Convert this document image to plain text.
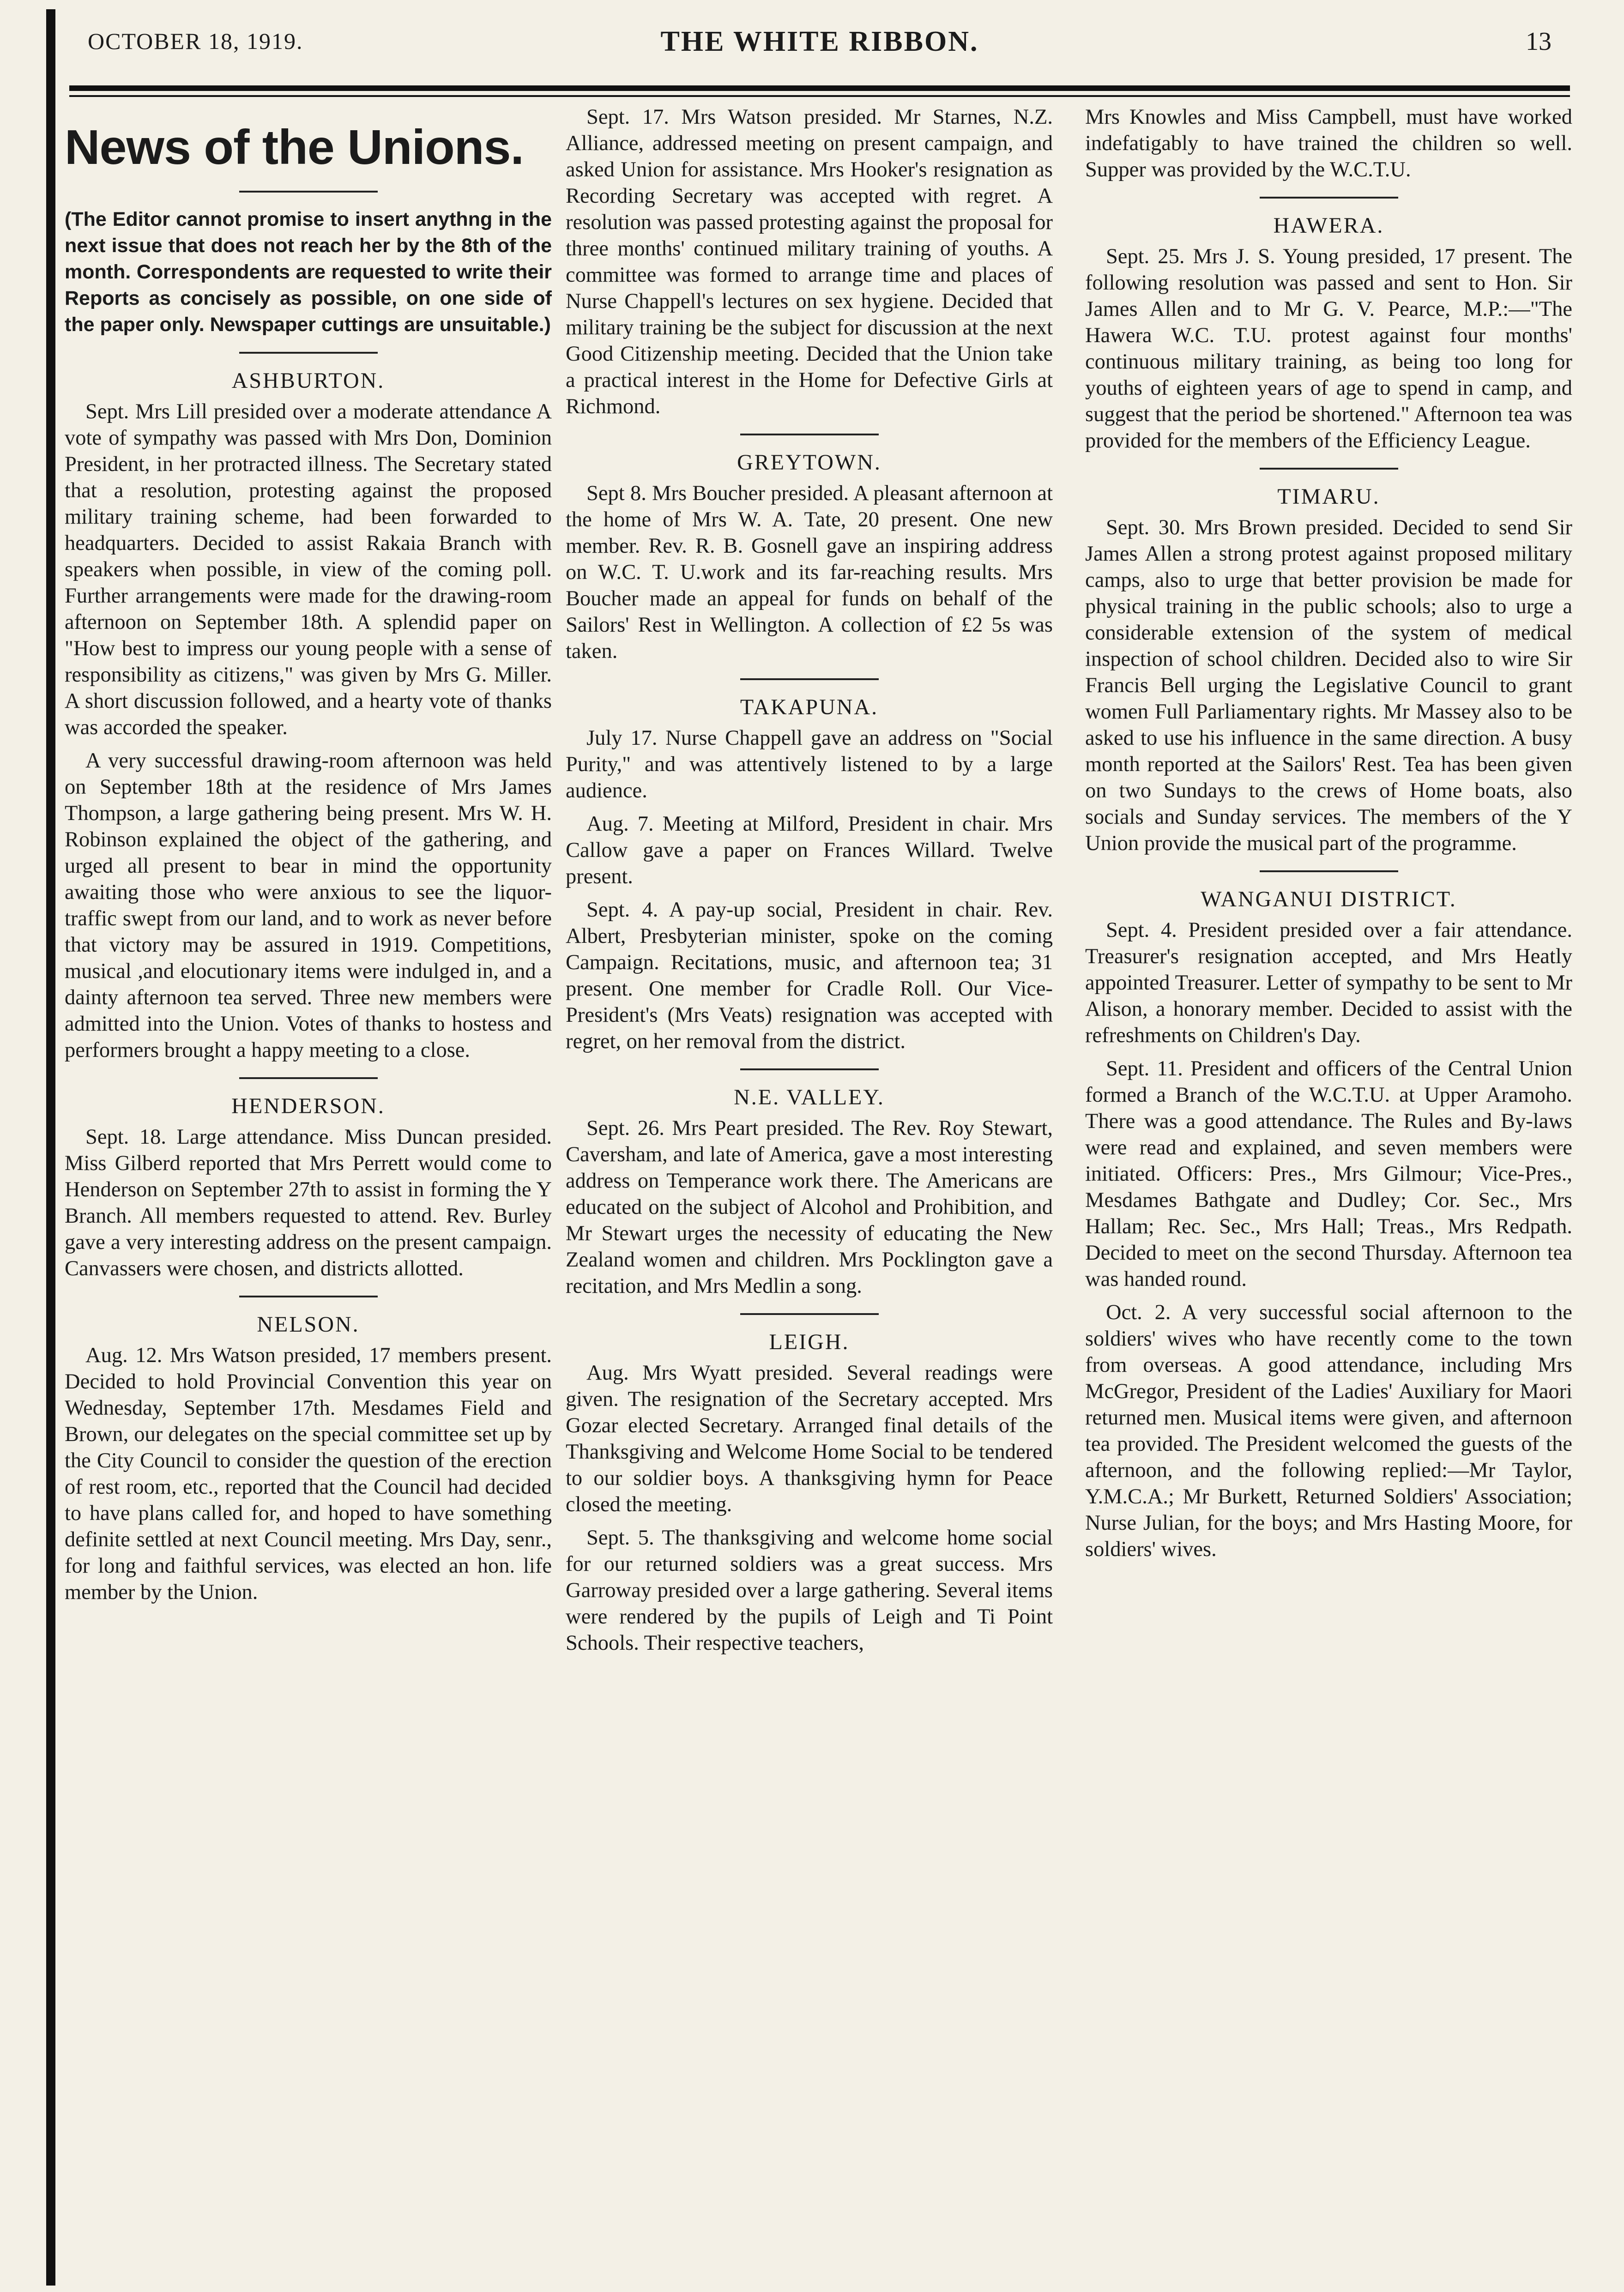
OCTOBER 18, 1919.	THE WHITE RIBBON.	13
News of the Unions.

(The Editor cannot promise to insert anythng in the next issue that does not reach her by the 8th of the month. Correspondents are requested to write their Reports as concisely as possible, on one side of the paper only. Newspaper cuttings are unsuitable.)

ASHBURTON.

Sept. Mrs Lill presided over a moderate attendance A vote of sympathy was passed with Mrs Don, Dominion President, in her protracted illness. The Secretary stated that a resolution, protesting against the proposed military training scheme, had been forwarded to headquarters. Decided to assist Rakaia Branch with speakers when possible, in view of the coming poll. Further arrangements were made for the drawing-room afternoon on September 18th. A splendid paper on "How best to impress our young people with a sense of responsibility as citizens," was given by Mrs G. Miller. A short discussion followed, and a hearty vote of thanks was accorded the speaker.

A very successful drawing-room afternoon was held on September 18th at the residence of Mrs James Thompson, a large gathering being present. Mrs W. H. Robinson explained the object of the gathering, and urged all present to bear in mind the opportunity awaiting those who were anxious to see the liquor-traffic swept from our land, and to work as never before that victory may be assured in 1919. Competitions, musical ,and elocutionary items were indulged in, and a dainty afternoon tea served. Three new members were admitted into the Union. Votes of thanks to hostess and performers brought a happy meeting to a close.

HENDERSON.

Sept. 18. Large attendance. Miss Duncan presided. Miss Gilberd reported that Mrs Perrett would come to Henderson on September 27th to assist in forming the Y Branch. All members requested to attend. Rev. Burley gave a very interesting address on the present campaign. Canvassers were chosen, and districts allotted.

NELSON.

Aug. 12. Mrs Watson presided, 17 members present. Decided to hold Provincial Convention this year on Wednesday, September 17th. Mesdames Field and Brown, our delegates on the special committee set up by the City Council to consider the question of the erection of rest room, etc., reported that the Council had decided to have plans called for, and hoped to have something definite settled at next Council meeting. Mrs Day, senr., for long and faithful services, was elected an hon. life member by the Union.

Sept. 17. Mrs Watson presided. Mr Starnes, N.Z. Alliance, addressed meeting on present campaign, and asked Union for assistance. Mrs Hooker's resignation as Recording Secretary was accepted with regret. A resolution was passed protesting against the proposal for three months' continued military training of youths. A committee was formed to arrange time and places of Nurse Chappell's lectures on sex hygiene. Decided that military training be the subject for discussion at the next Good Citizenship meeting. Decided that the Union take a practical interest in the Home for Defective Girls at Richmond.

GREYTOWN.

Sept 8. Mrs Boucher presided. A pleasant afternoon at the home of Mrs W. A. Tate, 20 present. One new member. Rev. R. B. Gosnell gave an inspiring address on W.C. T. U.work and its far-reaching results. Mrs Boucher made an appeal for funds on behalf of the Sailors' Rest in Wellington. A collection of £2 5s was taken.

TAKAPUNA.

July 17. Nurse Chappell gave an address on "Social Purity," and was attentively listened to by a large audience.

Aug. 7. Meeting at Milford, President in chair. Mrs Callow gave a paper on Frances Willard. Twelve present.

Sept. 4. A pay-up social, President in chair. Rev. Albert, Presbyterian minister, spoke on the coming Campaign. Recitations, music, and afternoon tea; 31 present. One member for Cradle Roll. Our Vice-President's (Mrs Veats) resignation was accepted with regret, on her removal from the district.

N.E. VALLEY.

Sept. 26. Mrs Peart presided. The Rev. Roy Stewart, Caversham, and late of America, gave a most interesting address on Temperance work there. The Americans are educated on the subject of Alcohol and Prohibition, and Mr Stewart urges the necessity of educating the New Zealand women and children. Mrs Pocklington gave a recitation, and Mrs Medlin a song.

LEIGH.

Aug. Mrs Wyatt presided. Several readings were given. The resignation of the Secretary accepted. Mrs Gozar elected Secretary. Arranged final details of the Thanksgiving and Welcome Home Social to be tendered to our soldier boys. A thanksgiving hymn for Peace closed the meeting.

Sept. 5. The thanksgiving and welcome home social for our returned soldiers was a great success. Mrs Garroway presided over a large gathering. Several items were rendered by the pupils of Leigh and Ti Point Schools. Their respective teachers,

Mrs Knowles and Miss Campbell, must have worked indefatigably to have trained the children so well. Supper was provided by the W.C.T.U.

HAWERA.

Sept. 25. Mrs J. S. Young presided, 17 present. The following resolution was passed and sent to Hon. Sir James Allen and to Mr G. V. Pearce, M.P.:—"The Hawera W.C. T.U. protest against four months' continuous military training, as being too long for youths of eighteen years of age to spend in camp, and suggest that the period be shortened." Afternoon tea was provided for the members of the Efficiency League.

TIMARU.

Sept. 30. Mrs Brown presided. Decided to send Sir James Allen a strong protest against proposed military camps, also to urge that better provision be made for physical training in the public schools; also to urge a considerable extension of the system of medical inspection of school children. Decided also to wire Sir Francis Bell urging the Legislative Council to grant women Full Parliamentary rights. Mr Massey also to be asked to use his influence in the same direction. A busy month reported at the Sailors' Rest. Tea has been given on two Sundays to the crews of Home boats, also socials and Sunday services. The members of the Y Union provide the musical part of the programme.

WANGANUI DISTRICT.

Sept. 4. President presided over a fair attendance. Treasurer's resignation accepted, and Mrs Heatly appointed Treasurer. Letter of sympathy to be sent to Mr Alison, a honorary member. Decided to assist with the refreshments on Children's Day.

Sept. 11. President and officers of the Central Union formed a Branch of the W.C.T.U. at Upper Aramoho. There was a good attendance. The Rules and By-laws were read and explained, and seven members were initiated. Officers: Pres., Mrs Gilmour; Vice-Pres., Mesdames Bathgate and Dudley; Cor. Sec., Mrs Hallam; Rec. Sec., Mrs Hall; Treas., Mrs Redpath. Decided to meet on the second Thursday. Afternoon tea was handed round.

Oct. 2. A very successful social afternoon to the soldiers' wives who have recently come to the town from overseas. A good attendance, including Mrs McGregor, President of the Ladies' Auxiliary for Maori returned men. Musical items were given, and afternoon tea provided. The President welcomed the guests of the afternoon, and the following replied:—Mr Taylor, Y.M.C.A.; Mr Burkett, Returned Soldiers' Association; Nurse Julian, for the boys; and Mrs Hasting Moore, for soldiers' wives.
